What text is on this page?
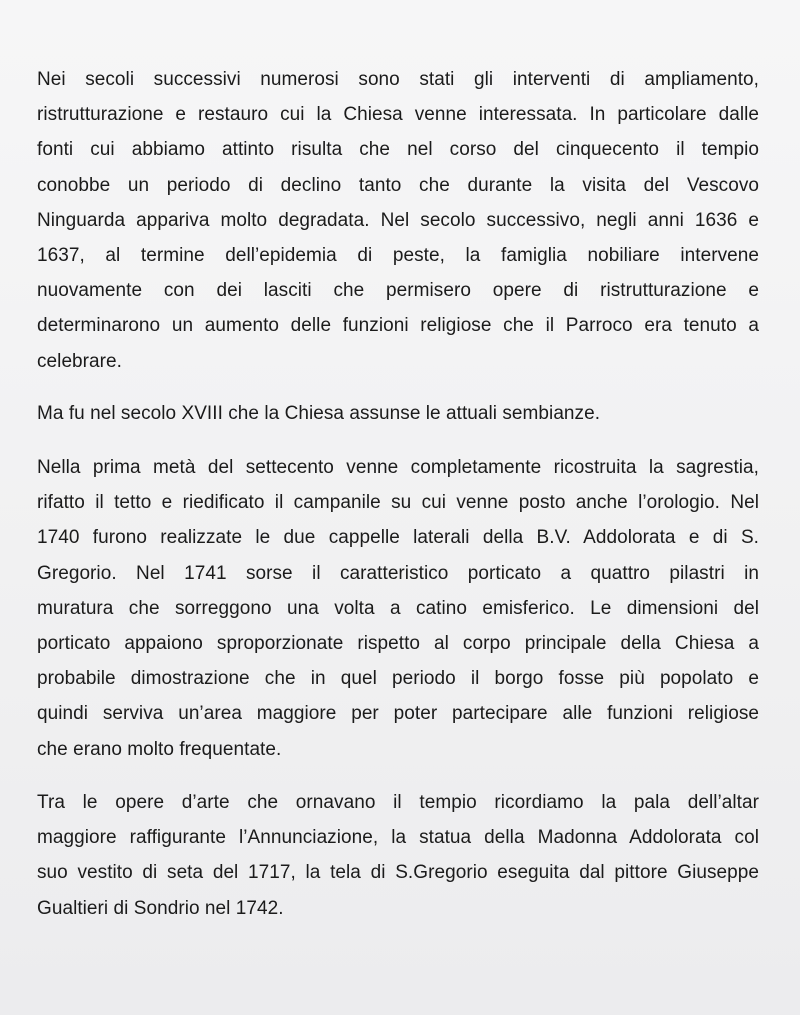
Nei secoli successivi numerosi sono stati gli interventi di ampliamento,
ristrutturazione e restauro cui la Chiesa venne interessata. In particolare dalle
fonti cui abbiamo attinto risulta che nel corso del cinquecento il tempio
conobbe un periodo di declino tanto che durante la visita del Vescovo
Ninguarda appariva molto degradata. Nel secolo successivo, negli anni 1636 e
1637, al termine dell’epidemia di peste, la famiglia nobiliare intervene
nuovamente con dei lasciti che permisero opere di ristrutturazione e
determinarono un aumento delle funzioni religiose che il Parroco era tenuto a
celebrare.
Ma fu nel secolo XVIII che la Chiesa assunse le attuali sembianze.
Nella prima metà del settecento venne completamente ricostruita la sagrestia,
rifatto il tetto e riedificato il campanile su cui venne posto anche l’orologio. Nel
1740 furono realizzate le due cappelle laterali della B.V. Addolorata e di S.
Gregorio. Nel 1741 sorse il caratteristico porticato a quattro pilastri in
muratura che sorreggono una volta a catino emisferico. Le dimensioni del
porticato appaiono sproporzionate rispetto al corpo principale della Chiesa a
probabile dimostrazione che in quel periodo il borgo fosse più popolato e
quindi serviva un’area maggiore per poter partecipare alle funzioni religiose
che erano molto frequentate.
Tra le opere d’arte che ornavano il tempio ricordiamo la pala dell’altar
maggiore raffigurante l’Annunciazione, la statua della Madonna Addolorata col
suo vestito di seta del 1717, la tela di S.Gregorio eseguita dal pittore Giuseppe
Gualtieri di Sondrio nel 1742.
